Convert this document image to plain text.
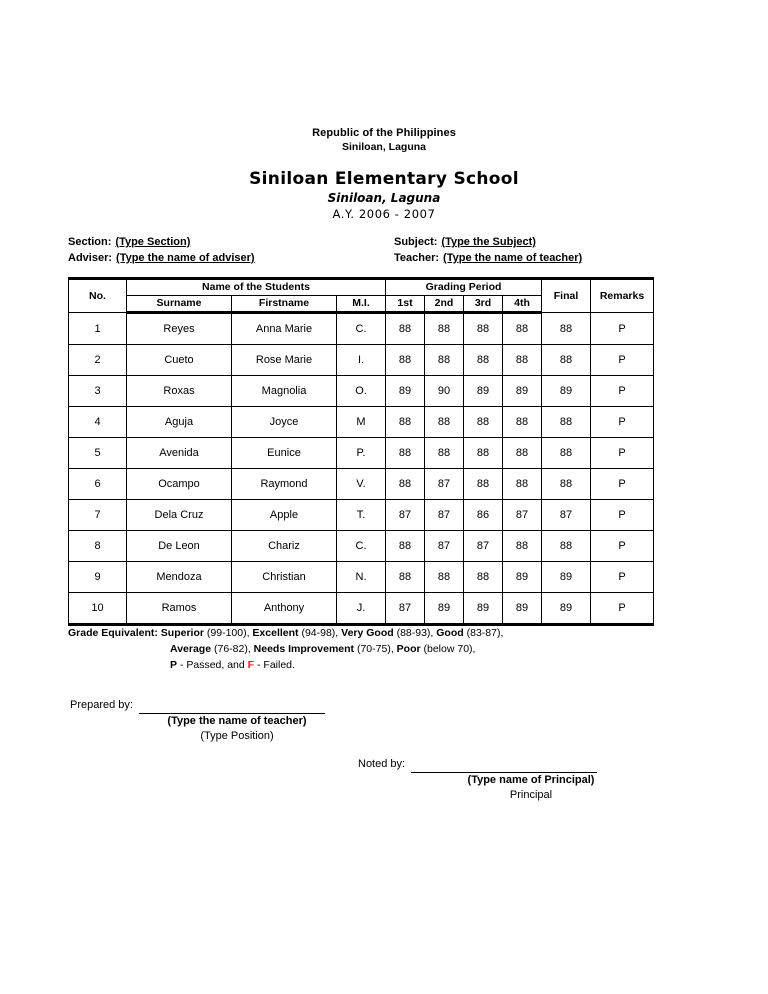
Republic of the Philippines
Siniloan, Laguna
Siniloan Elementary School
Siniloan, Laguna
A.Y. 2006 - 2007
Section: (Type Section)	Subject: (Type the Subject)
Adviser: (Type the name of adviser)	Teacher: (Type the name of teacher)
No.	Name of the Students			Grading Period				Final	Remarks
	Surname	Firstname	M.I.	1st	2nd	3rd	4th		
1	Reyes	Anna Marie	C.	88	88	88	88	88	P
2	Cueto	Rose Marie	I.	88	88	88	88	88	P
3	Roxas	Magnolia	O.	89	90	89	89	89	P
4	Aguja	Joyce	M	88	88	88	88	88	P
5	Avenida	Eunice	P.	88	88	88	88	88	P
6	Ocampo	Raymond	V.	88	87	88	88	88	P
7	Dela Cruz	Apple	T.	87	87	86	87	87	P
8	De Leon	Chariz	C.	88	87	87	88	88	P
9	Mendoza	Christian	N.	88	88	88	89	89	P
10	Ramos	Anthony	J.	87	89	89	89	89	P
Grade Equivalent: Superior (99-100), Excellent (94-98), Very Good (88-93), Good (83-87),
Average (76-82), Needs Improvement (70-75), Poor (below 70),
P - Passed, and F - Failed.
Prepared by:
(Type the name of teacher)
(Type Position)
Noted by:
(Type name of Principal)
Principal
